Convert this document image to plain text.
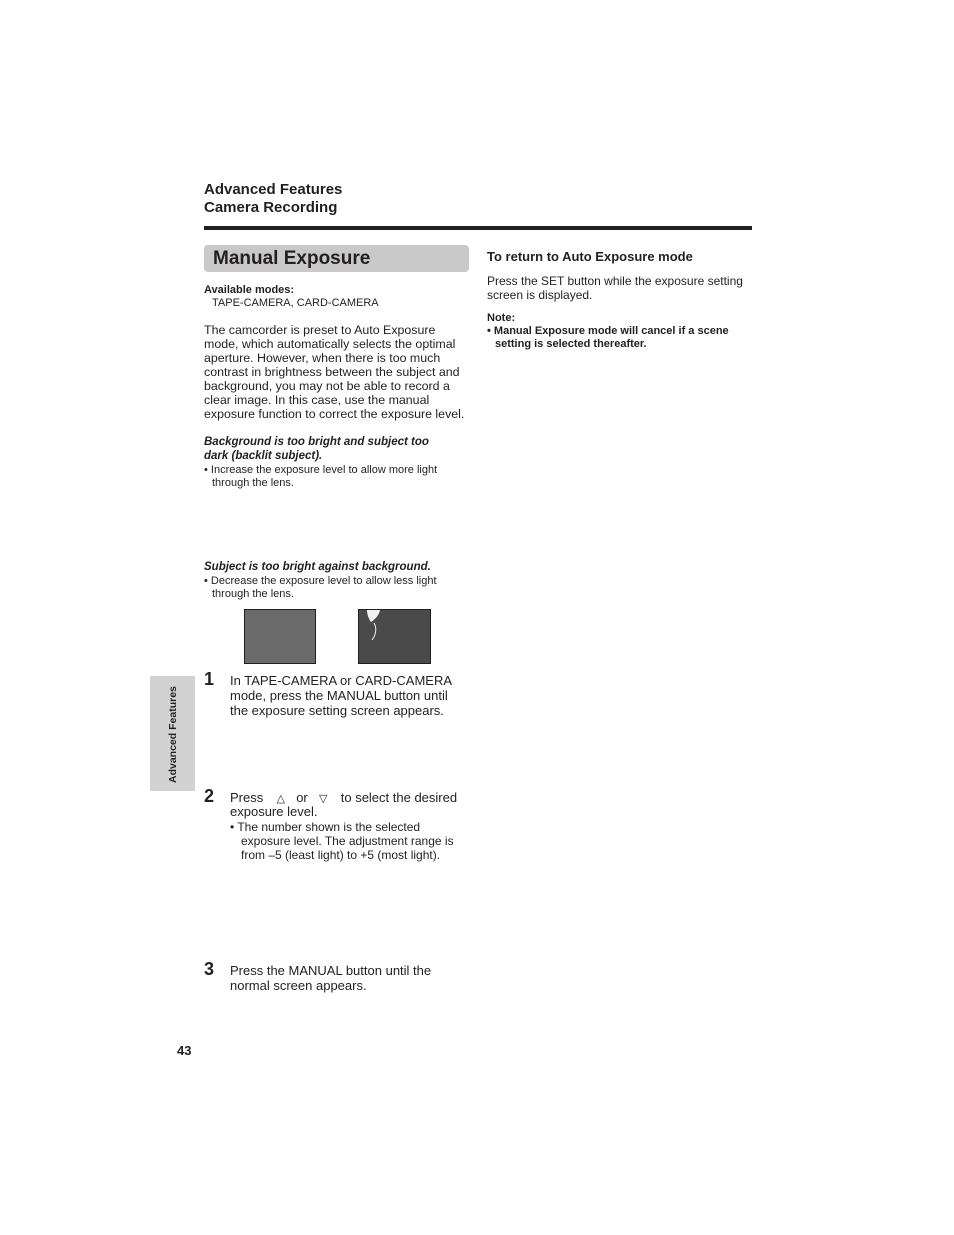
Advanced Features
Camera Recording
Manual Exposure
Available modes:
TAPE-CAMERA, CARD-CAMERA
The camcorder is preset to Auto Exposure
mode, which automatically selects the optimal
aperture. However, when there is too much
contrast in brightness between the subject and
background, you may not be able to record a
clear image. In this case, use the manual
exposure function to correct the exposure level.
Background is too bright and subject too
dark (backlit subject).
• Increase the exposure level to allow more light
through the lens.
Subject is too bright against background.
• Decrease the exposure level to allow less light
through the lens.
1 In TAPE-CAMERA or CARD-CAMERA
mode, press the MANUAL button until
the exposure setting screen appears.
Advanced Features
2 Press △ or ▽ to select the desired
exposure level.
• The number shown is the selected
exposure level. The adjustment range is
from –5 (least light) to +5 (most light).
3 Press the MANUAL button until the
normal screen appears.
To return to Auto Exposure mode
Press the SET button while the exposure setting
screen is displayed.
Note:
• Manual Exposure mode will cancel if a scene
setting is selected thereafter.
43
